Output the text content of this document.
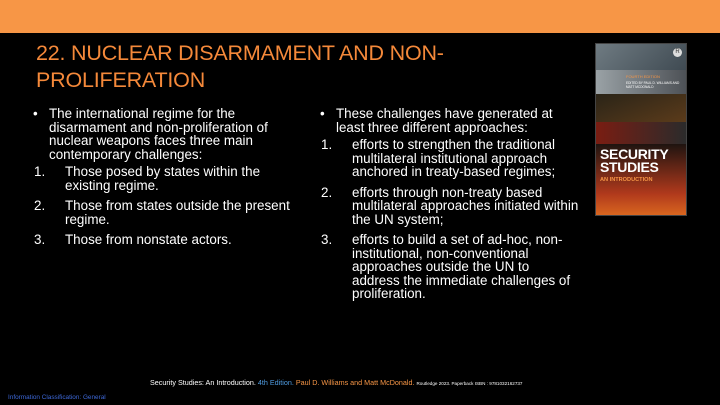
22. NUCLEAR DISARMAMENT AND NON-PROLIFERATION
• The international regime for the disarmament and non-proliferation of nuclear weapons faces three main contemporary challenges:
1. Those posed by states within the existing regime.
2. Those from states outside the present regime.
3. Those from nonstate actors.
• These challenges have generated at least three different approaches:
1. efforts to strengthen the traditional multilateral institutional approach anchored in treaty-based regimes;
2. efforts through non-treaty based multilateral approaches initiated within the UN system;
3. efforts to build a set of ad-hoc, non-institutional, non-conventional approaches outside the UN to address the immediate challenges of proliferation.
R
FOURTH EDITION
EDITED BY PAUL D. WILLIAMS AND MATT MCDONALD
SECURITY
STUDIES
AN INTRODUCTION
Security Studies: An Introduction. 4th Edition. Paul D. Williams and Matt McDonald. Routledge 2023. Paperback ISBN : 9781032162737
Information Classification: General
